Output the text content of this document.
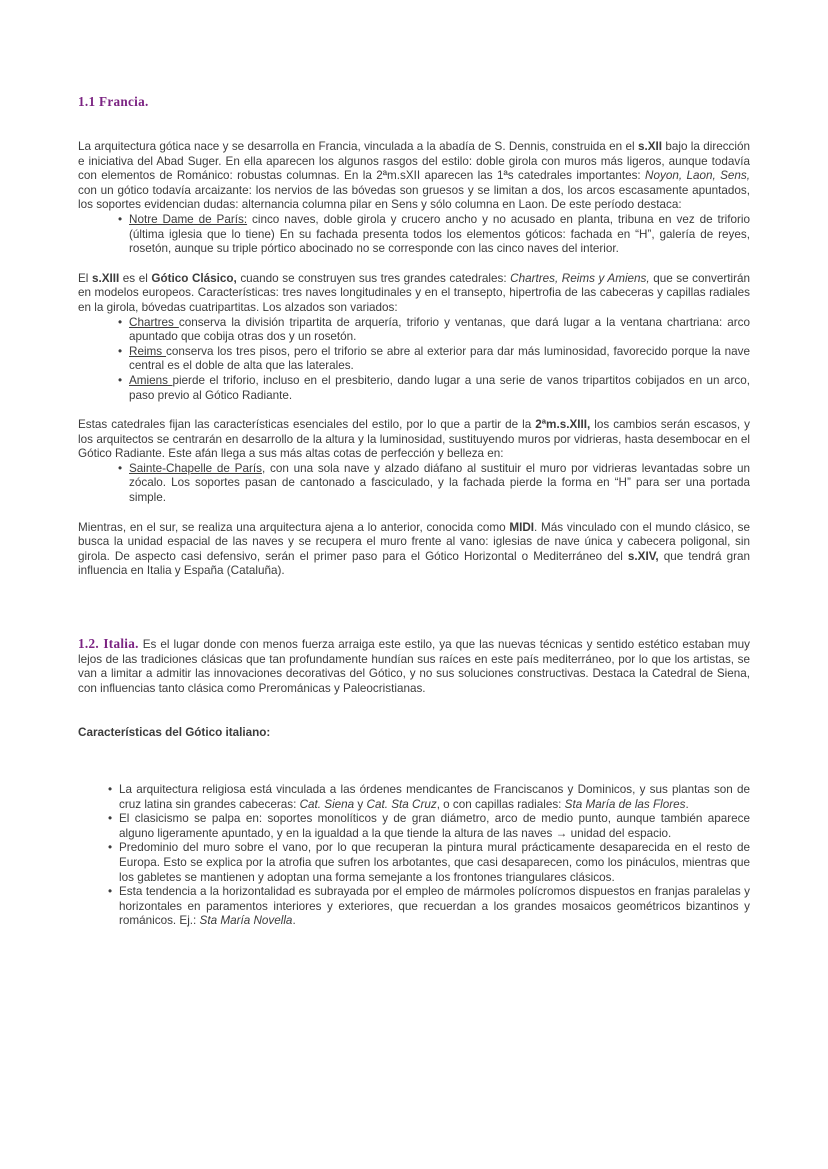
1.1 Francia.

La arquitectura gótica nace y se desarrolla en Francia, vinculada a la abadía de S. Dennis, construida en el s.XII bajo la dirección e iniciativa del Abad Suger. En ella aparecen los algunos rasgos del estilo: doble girola con muros más ligeros, aunque todavía con elementos de Románico: robustas columnas. En la 2ªm.sXII aparecen las 1ªs catedrales importantes: Noyon, Laon, Sens, con un gótico todavía arcaizante: los nervios de las bóvedas son gruesos y se limitan a dos, los arcos escasamente apuntados, los soportes evidencian dudas: alternancia columna pilar en Sens y sólo columna en Laon. De este período destaca:

• Notre Dame de París: cinco naves, doble girola y crucero ancho y no acusado en planta, tribuna en vez de triforio (última iglesia que lo tiene) En su fachada presenta todos los elementos góticos: fachada en “H”, galería de reyes, rosetón, aunque su triple pórtico abocinado no se corresponde con las cinco naves del interior.

El s.XIII es el Gótico Clásico, cuando se construyen sus tres grandes catedrales: Chartres, Reims y Amiens, que se convertirán en modelos europeos. Características: tres naves longitudinales y en el transepto, hipertrofia de las cabeceras y capillas radiales en la girola, bóvedas cuatripartitas. Los alzados son variados:

• Chartres conserva la división tripartita de arquería, triforio y ventanas, que dará lugar a la ventana chartriana: arco apuntado que cobija otras dos y un rosetón.
• Reims conserva los tres pisos, pero el triforio se abre al exterior para dar más luminosidad, favorecido porque la nave central es el doble de alta que las laterales.
• Amiens pierde el triforio, incluso en el presbiterio, dando lugar a una serie de vanos tripartitos cobijados en un arco, paso previo al Gótico Radiante.

Estas catedrales fijan las características esenciales del estilo, por lo que a partir de la 2ªm.s.XIII, los cambios serán escasos, y los arquitectos se centrarán en desarrollo de la altura y la luminosidad, sustituyendo muros por vidrieras, hasta desembocar en el Gótico Radiante. Este afán llega a sus más altas cotas de perfección y belleza en:

• Sainte-Chapelle de París, con una sola nave y alzado diáfano al sustituir el muro por vidrieras levantadas sobre un zócalo. Los soportes pasan de cantonado a fasciculado, y la fachada pierde la forma en “H” para ser una portada simple.

Mientras, en el sur, se realiza una arquitectura ajena a lo anterior, conocida como MIDI. Más vinculado con el mundo clásico, se busca la unidad espacial de las naves y se recupera el muro frente al vano: iglesias de nave única y cabecera poligonal, sin girola. De aspecto casi defensivo, serán el primer paso para el Gótico Horizontal o Mediterráneo del s.XIV, que tendrá gran influencia en Italia y España (Cataluña).

1.2. Italia. Es el lugar donde con menos fuerza arraiga este estilo, ya que las nuevas técnicas y sentido estético estaban muy lejos de las tradiciones clásicas que tan profundamente hundían sus raíces en este país mediterráneo, por lo que los artistas, se van a limitar a admitir las innovaciones decorativas del Gótico, y no sus soluciones constructivas. Destaca la Catedral de Siena, con influencias tanto clásica como Prerománicas y Paleocristianas.

Características del Gótico italiano:

• La arquitectura religiosa está vinculada a las órdenes mendicantes de Franciscanos y Dominicos, y sus plantas son de cruz latina sin grandes cabeceras: Cat. Siena y Cat. Sta Cruz, o con capillas radiales: Sta María de las Flores.
• El clasicismo se palpa en: soportes monolíticos y de gran diámetro, arco de medio punto, aunque también aparece alguno ligeramente apuntado, y en la igualdad a la que tiende la altura de las naves → unidad del espacio.
• Predominio del muro sobre el vano, por lo que recuperan la pintura mural prácticamente desaparecida en el resto de Europa. Esto se explica por la atrofia que sufren los arbotantes, que casi desaparecen, como los pináculos, mientras que los gabletes se mantienen y adoptan una forma semejante a los frontones triangulares clásicos.
• Esta tendencia a la horizontalidad es subrayada por el empleo de mármoles polícromos dispuestos en franjas paralelas y horizontales en paramentos interiores y exteriores, que recuerdan a los grandes mosaicos geométricos bizantinos y románicos. Ej.: Sta María Novella.
